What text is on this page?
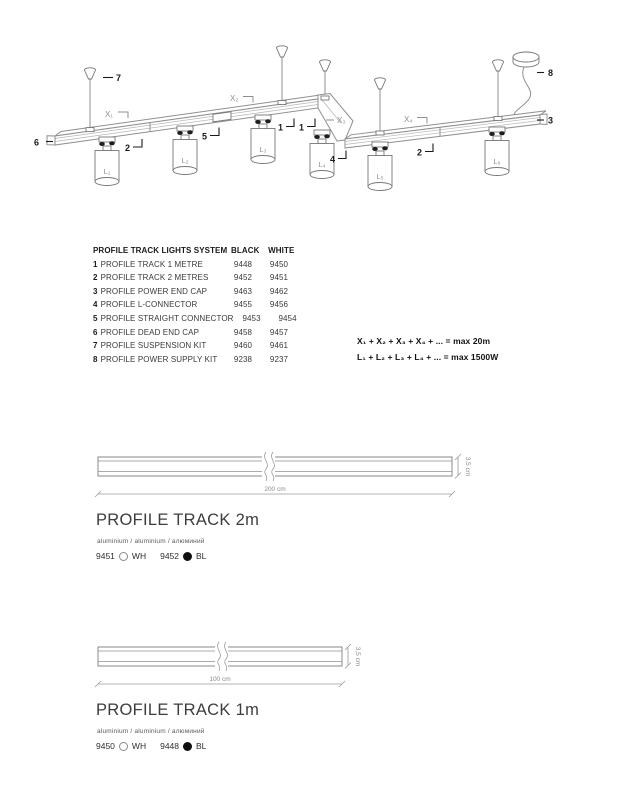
L₁
L₂
L₃
L₄
L₅
L₆
X₁
X₂
X₃	X₄
7
6
2
5
1 1
4
2
3
8
PROFILE TRACK LIGHTS SYSTEM BLACK	WHITE
1 PROFILE TRACK 1 METRE	9448	9450
2 PROFILE TRACK 2 METRES	9452	9451
3 PROFILE POWER END CAP	9463	9462
4 PROFILE L-CONNECTOR	9455	9456
5 PROFILE STRAIGHT CONNECTOR	9453	9454
6 PROFILE DEAD END CAP	9458	9457
7 PROFILE SUSPENSION KIT	9460	9461
8 PROFILE POWER SUPPLY KIT	9238	9237
X₁ + X₂ + X₃ + X₄ + ... = max 20m
L₁ + L₂ + L₃ + L₄ + ... = max 1500W
200 cm
3,5 cm
PROFILE TRACK 2m
aluminium / aluminium / алюминий
9451 WH 9452 BL
100 cm
3,5 cm
PROFILE TRACK 1m
aluminium / aluminium / алюминий
9450 WH 9448 BL
